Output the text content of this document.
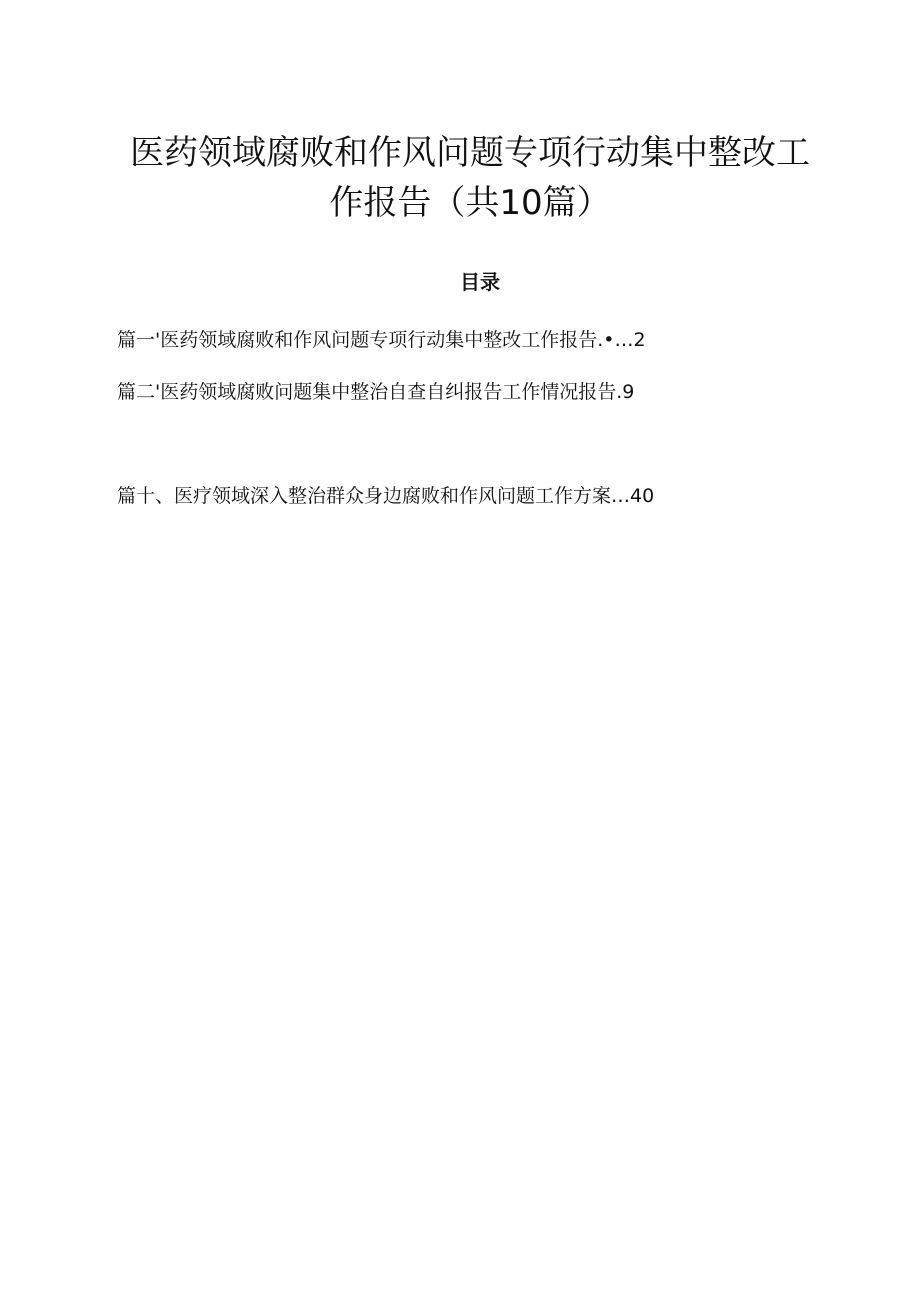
医药领域腐败和作风问题专项行动集中整改工
作报告（共10篇）
目录
篇一'医药领域腐败和作风问题专项行动集中整改工作报告.•…2
篇二'医药领域腐败问题集中整治自查自纠报告工作情况报告.9
篇十、医疗领域深入整治群众身边腐败和作风问题工作方案…40
